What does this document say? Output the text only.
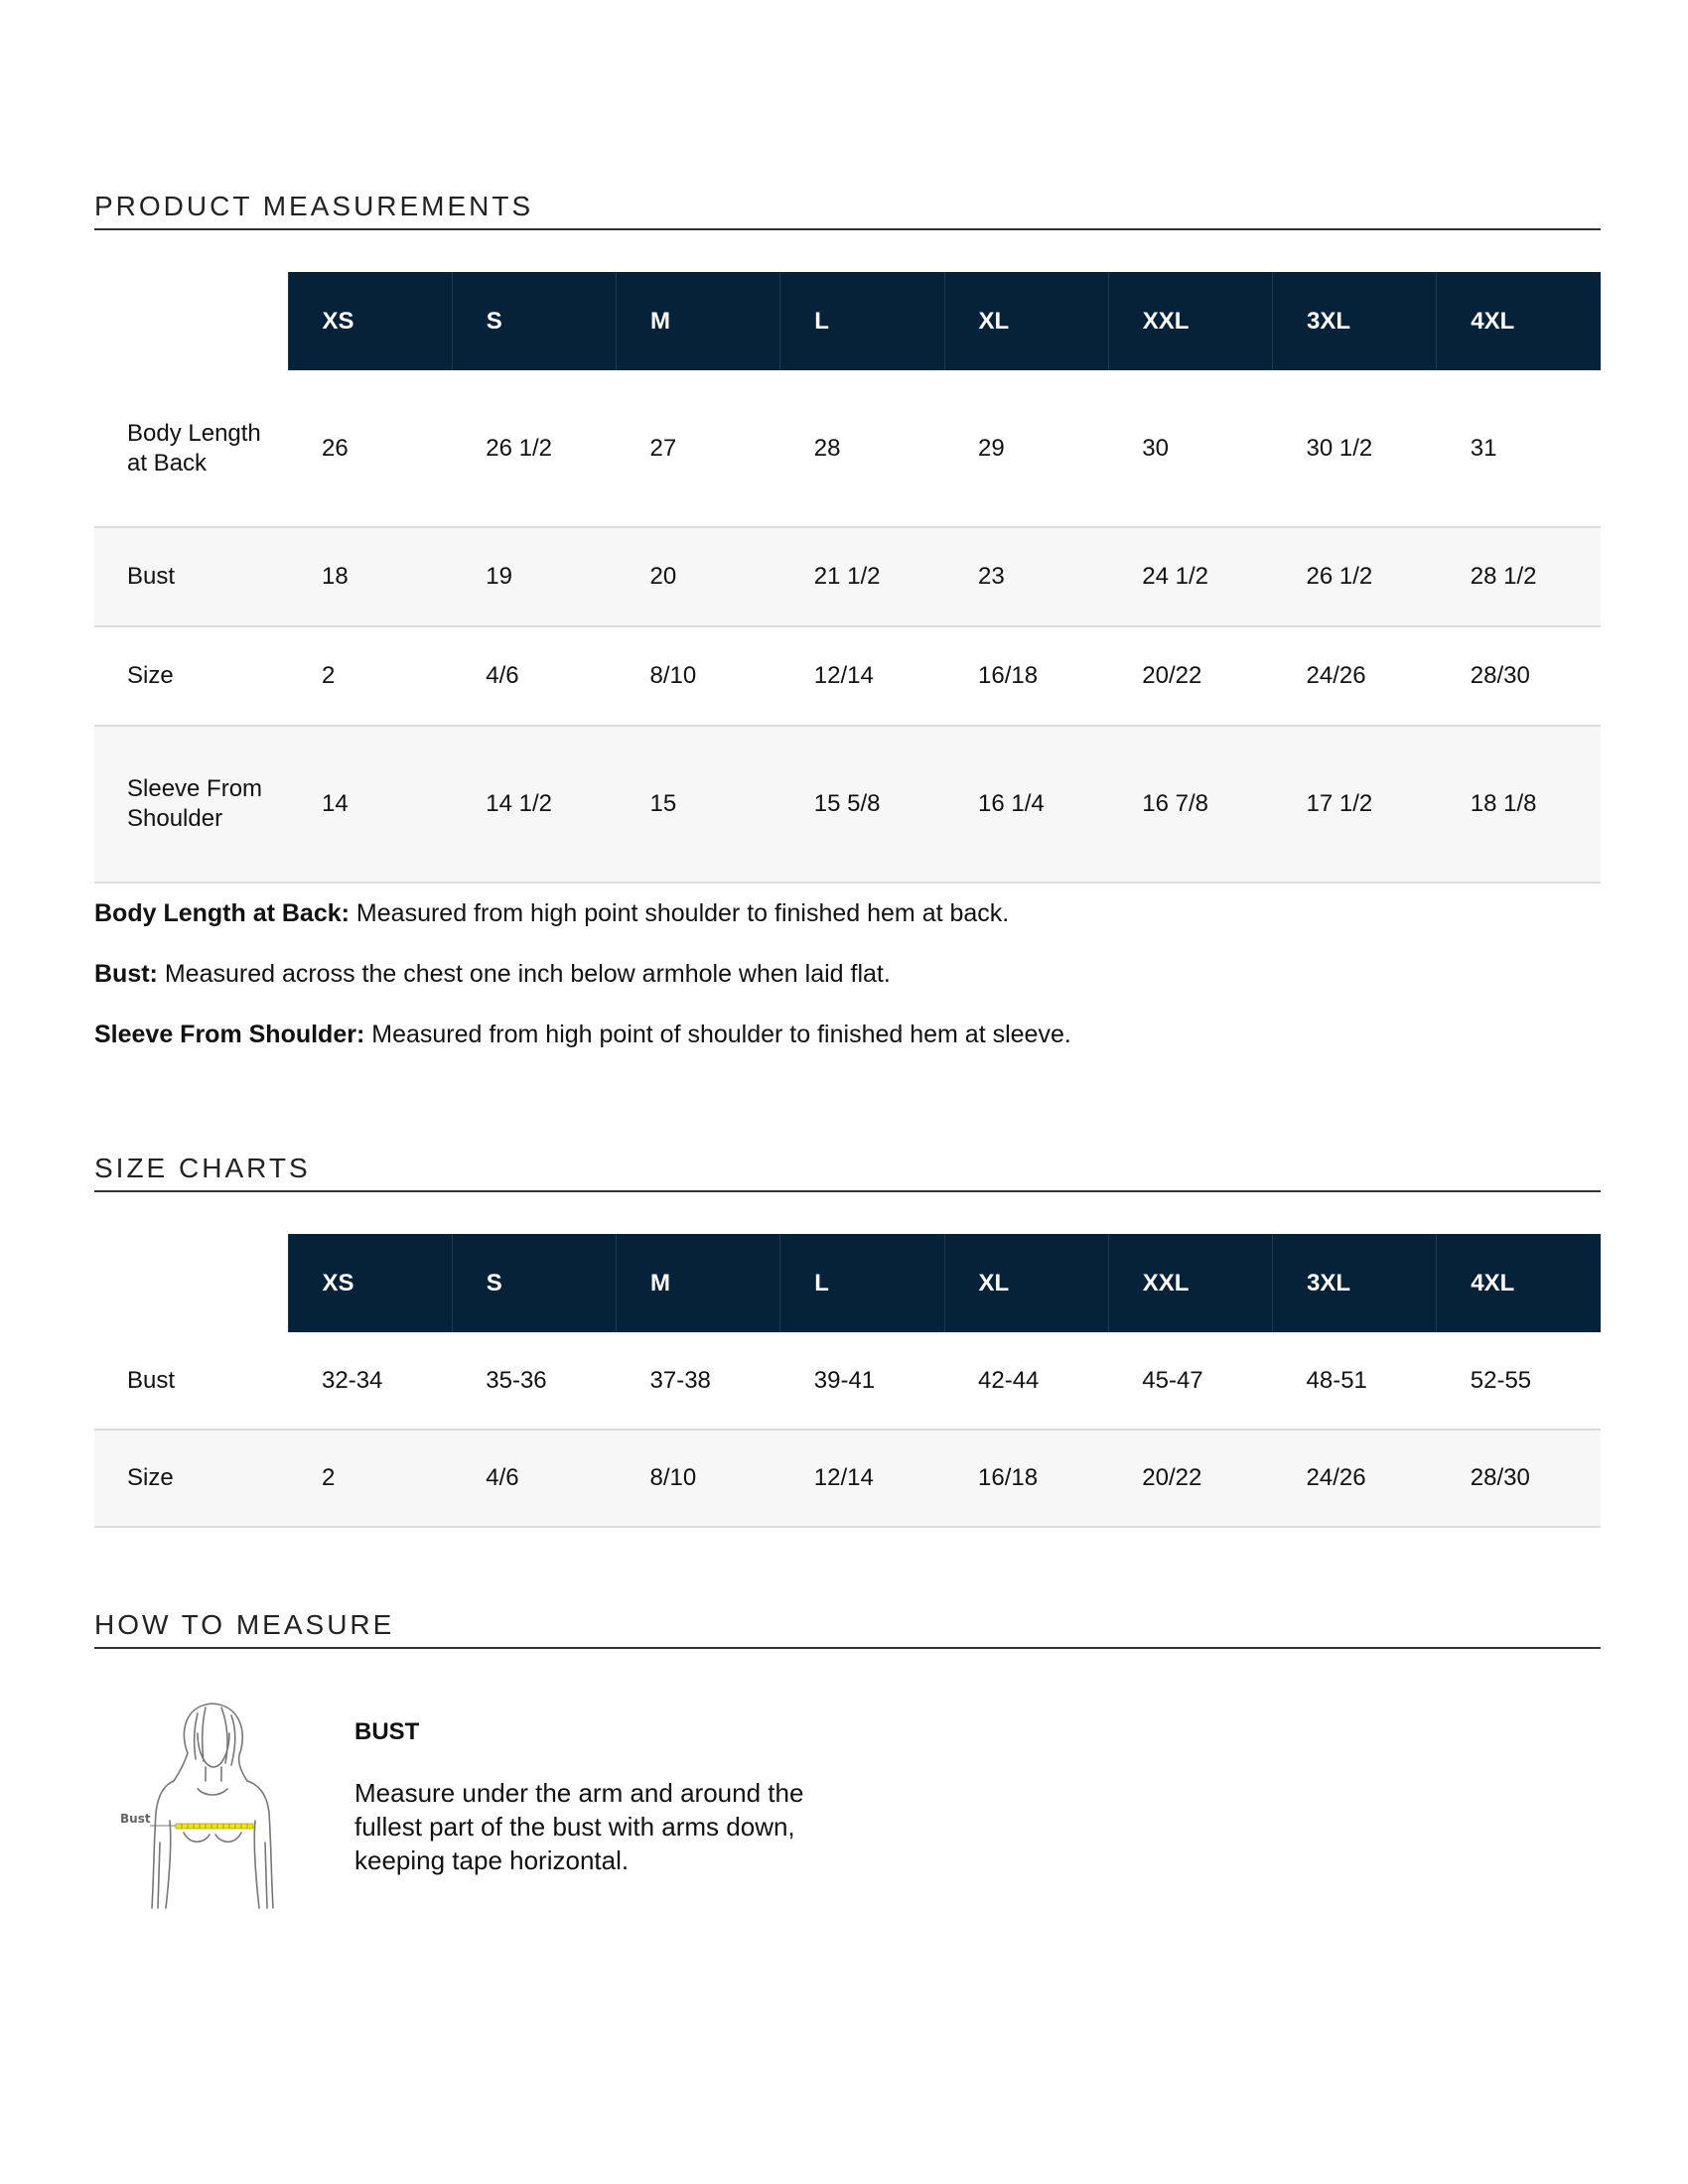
PRODUCT MEASUREMENTS
	XS	S	M	L	XL	XXL	3XL	4XL
Body Length at Back	26	26 1/2	27	28	29	30	30 1/2	31
Bust	18	19	20	21 1/2	23	24 1/2	26 1/2	28 1/2
Size	2	4/6	8/10	12/14	16/18	20/22	24/26	28/30
Sleeve From Shoulder	14	14 1/2	15	15 5/8	16 1/4	16 7/8	17 1/2	18 1/8
Body Length at Back: Measured from high point shoulder to finished hem at back.
Bust: Measured across the chest one inch below armhole when laid flat.
Sleeve From Shoulder: Measured from high point of shoulder to finished hem at sleeve.
SIZE CHARTS
	XS	S	M	L	XL	XXL	3XL	4XL
Bust	32-34	35-36	37-38	39-41	42-44	45-47	48-51	52-55
Size	2	4/6	8/10	12/14	16/18	20/22	24/26	28/30
HOW TO MEASURE
Bust
BUST
Measure under the arm and around the fullest part of the bust with arms down, keeping tape horizontal.
